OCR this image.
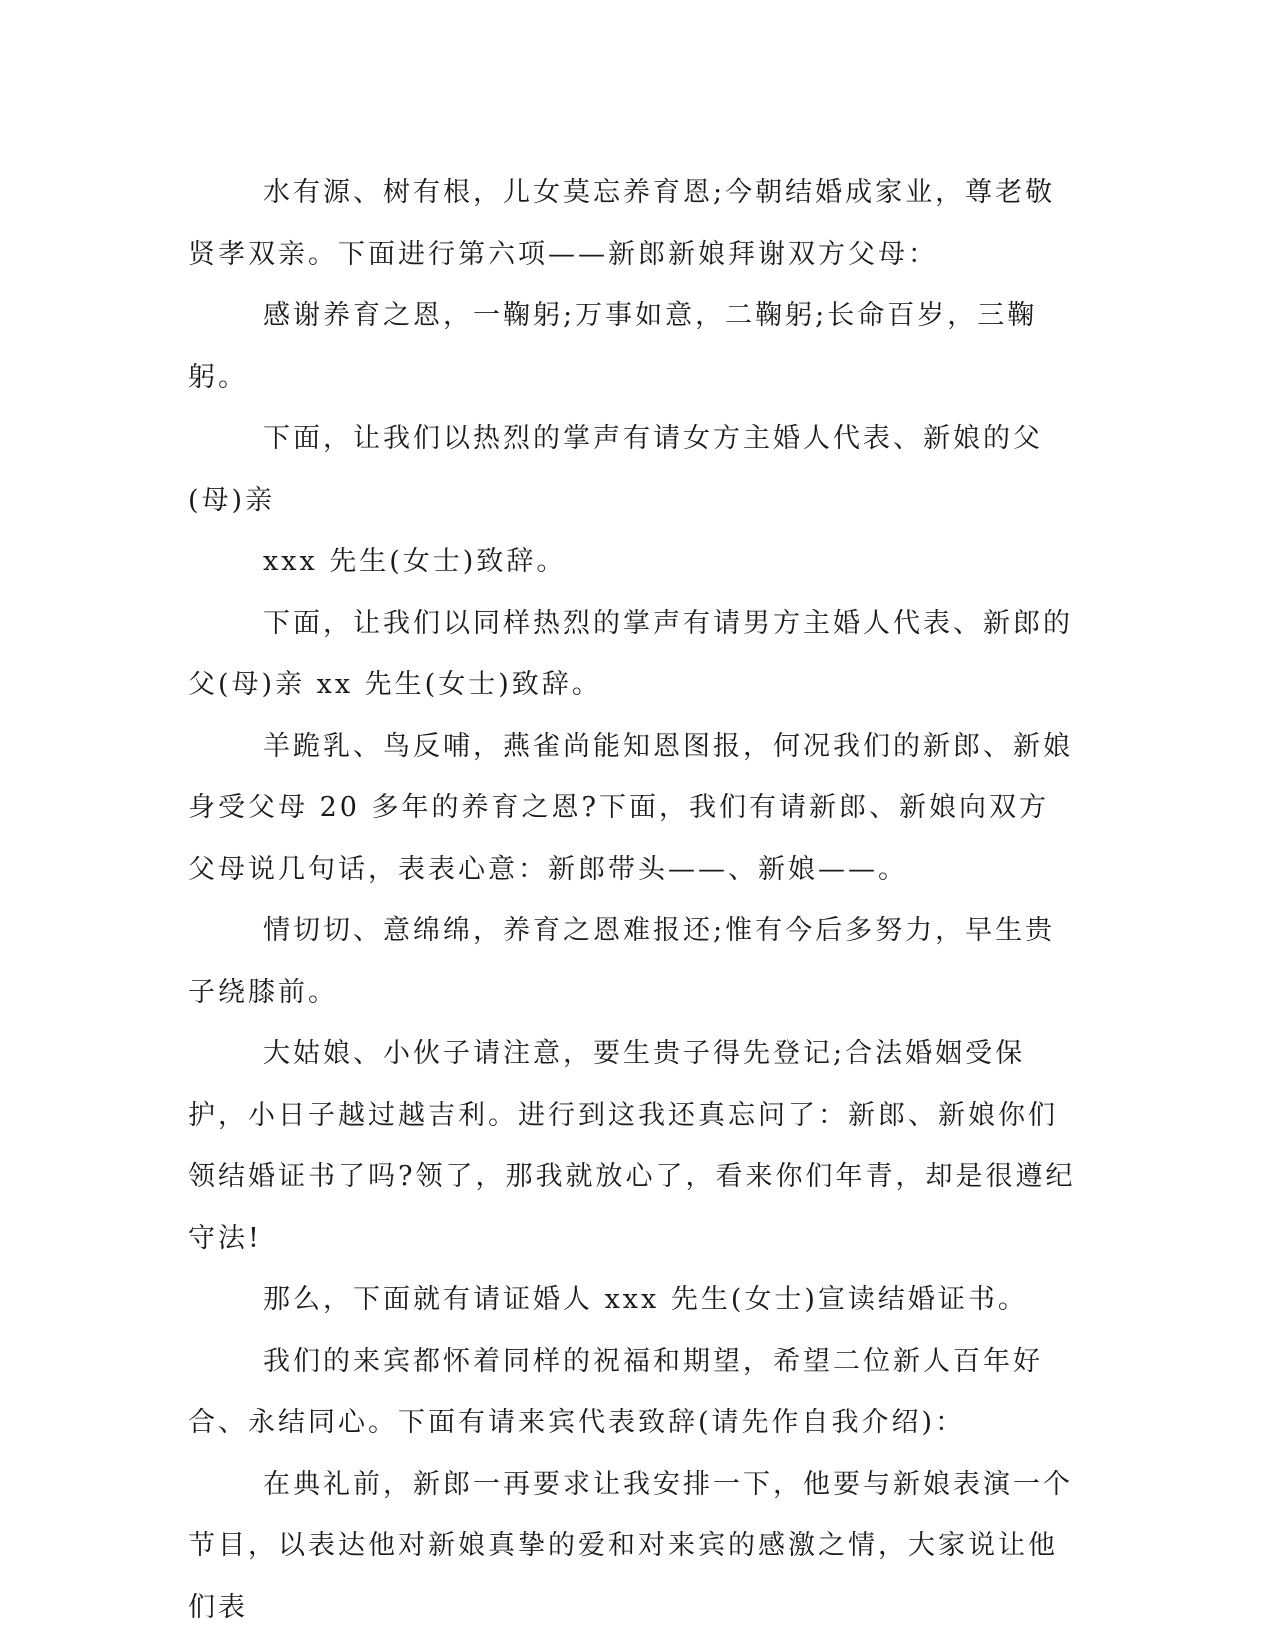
水有源、树有根，儿女莫忘养育恩;今朝结婚成家业，尊老敬贤孝双亲。下面进行第六项——新郎新娘拜谢双方父母：

感谢养育之恩，一鞠躬;万事如意，二鞠躬;长命百岁，三鞠躬。

下面，让我们以热烈的掌声有请女方主婚人代表、新娘的父(母)亲

xxx 先生(女士)致辞。

下面，让我们以同样热烈的掌声有请男方主婚人代表、新郎的父(母)亲 xx 先生(女士)致辞。

羊跪乳、鸟反哺，燕雀尚能知恩图报，何况我们的新郎、新娘身受父母 20 多年的养育之恩?下面，我们有请新郎、新娘向双方父母说几句话，表表心意：新郎带头——、新娘——。

情切切、意绵绵，养育之恩难报还;惟有今后多努力，早生贵子绕膝前。

大姑娘、小伙子请注意，要生贵子得先登记;合法婚姻受保护，小日子越过越吉利。进行到这我还真忘问了：新郎、新娘你们领结婚证书了吗?领了，那我就放心了，看来你们年青，却是很遵纪守法!

那么，下面就有请证婚人 xxx 先生(女士)宣读结婚证书。

我们的来宾都怀着同样的祝福和期望，希望二位新人百年好合、永结同心。下面有请来宾代表致辞(请先作自我介绍)：

在典礼前，新郎一再要求让我安排一下，他要与新娘表演一个节目，以表达他对新娘真挚的爱和对来宾的感激之情，大家说让他们表
